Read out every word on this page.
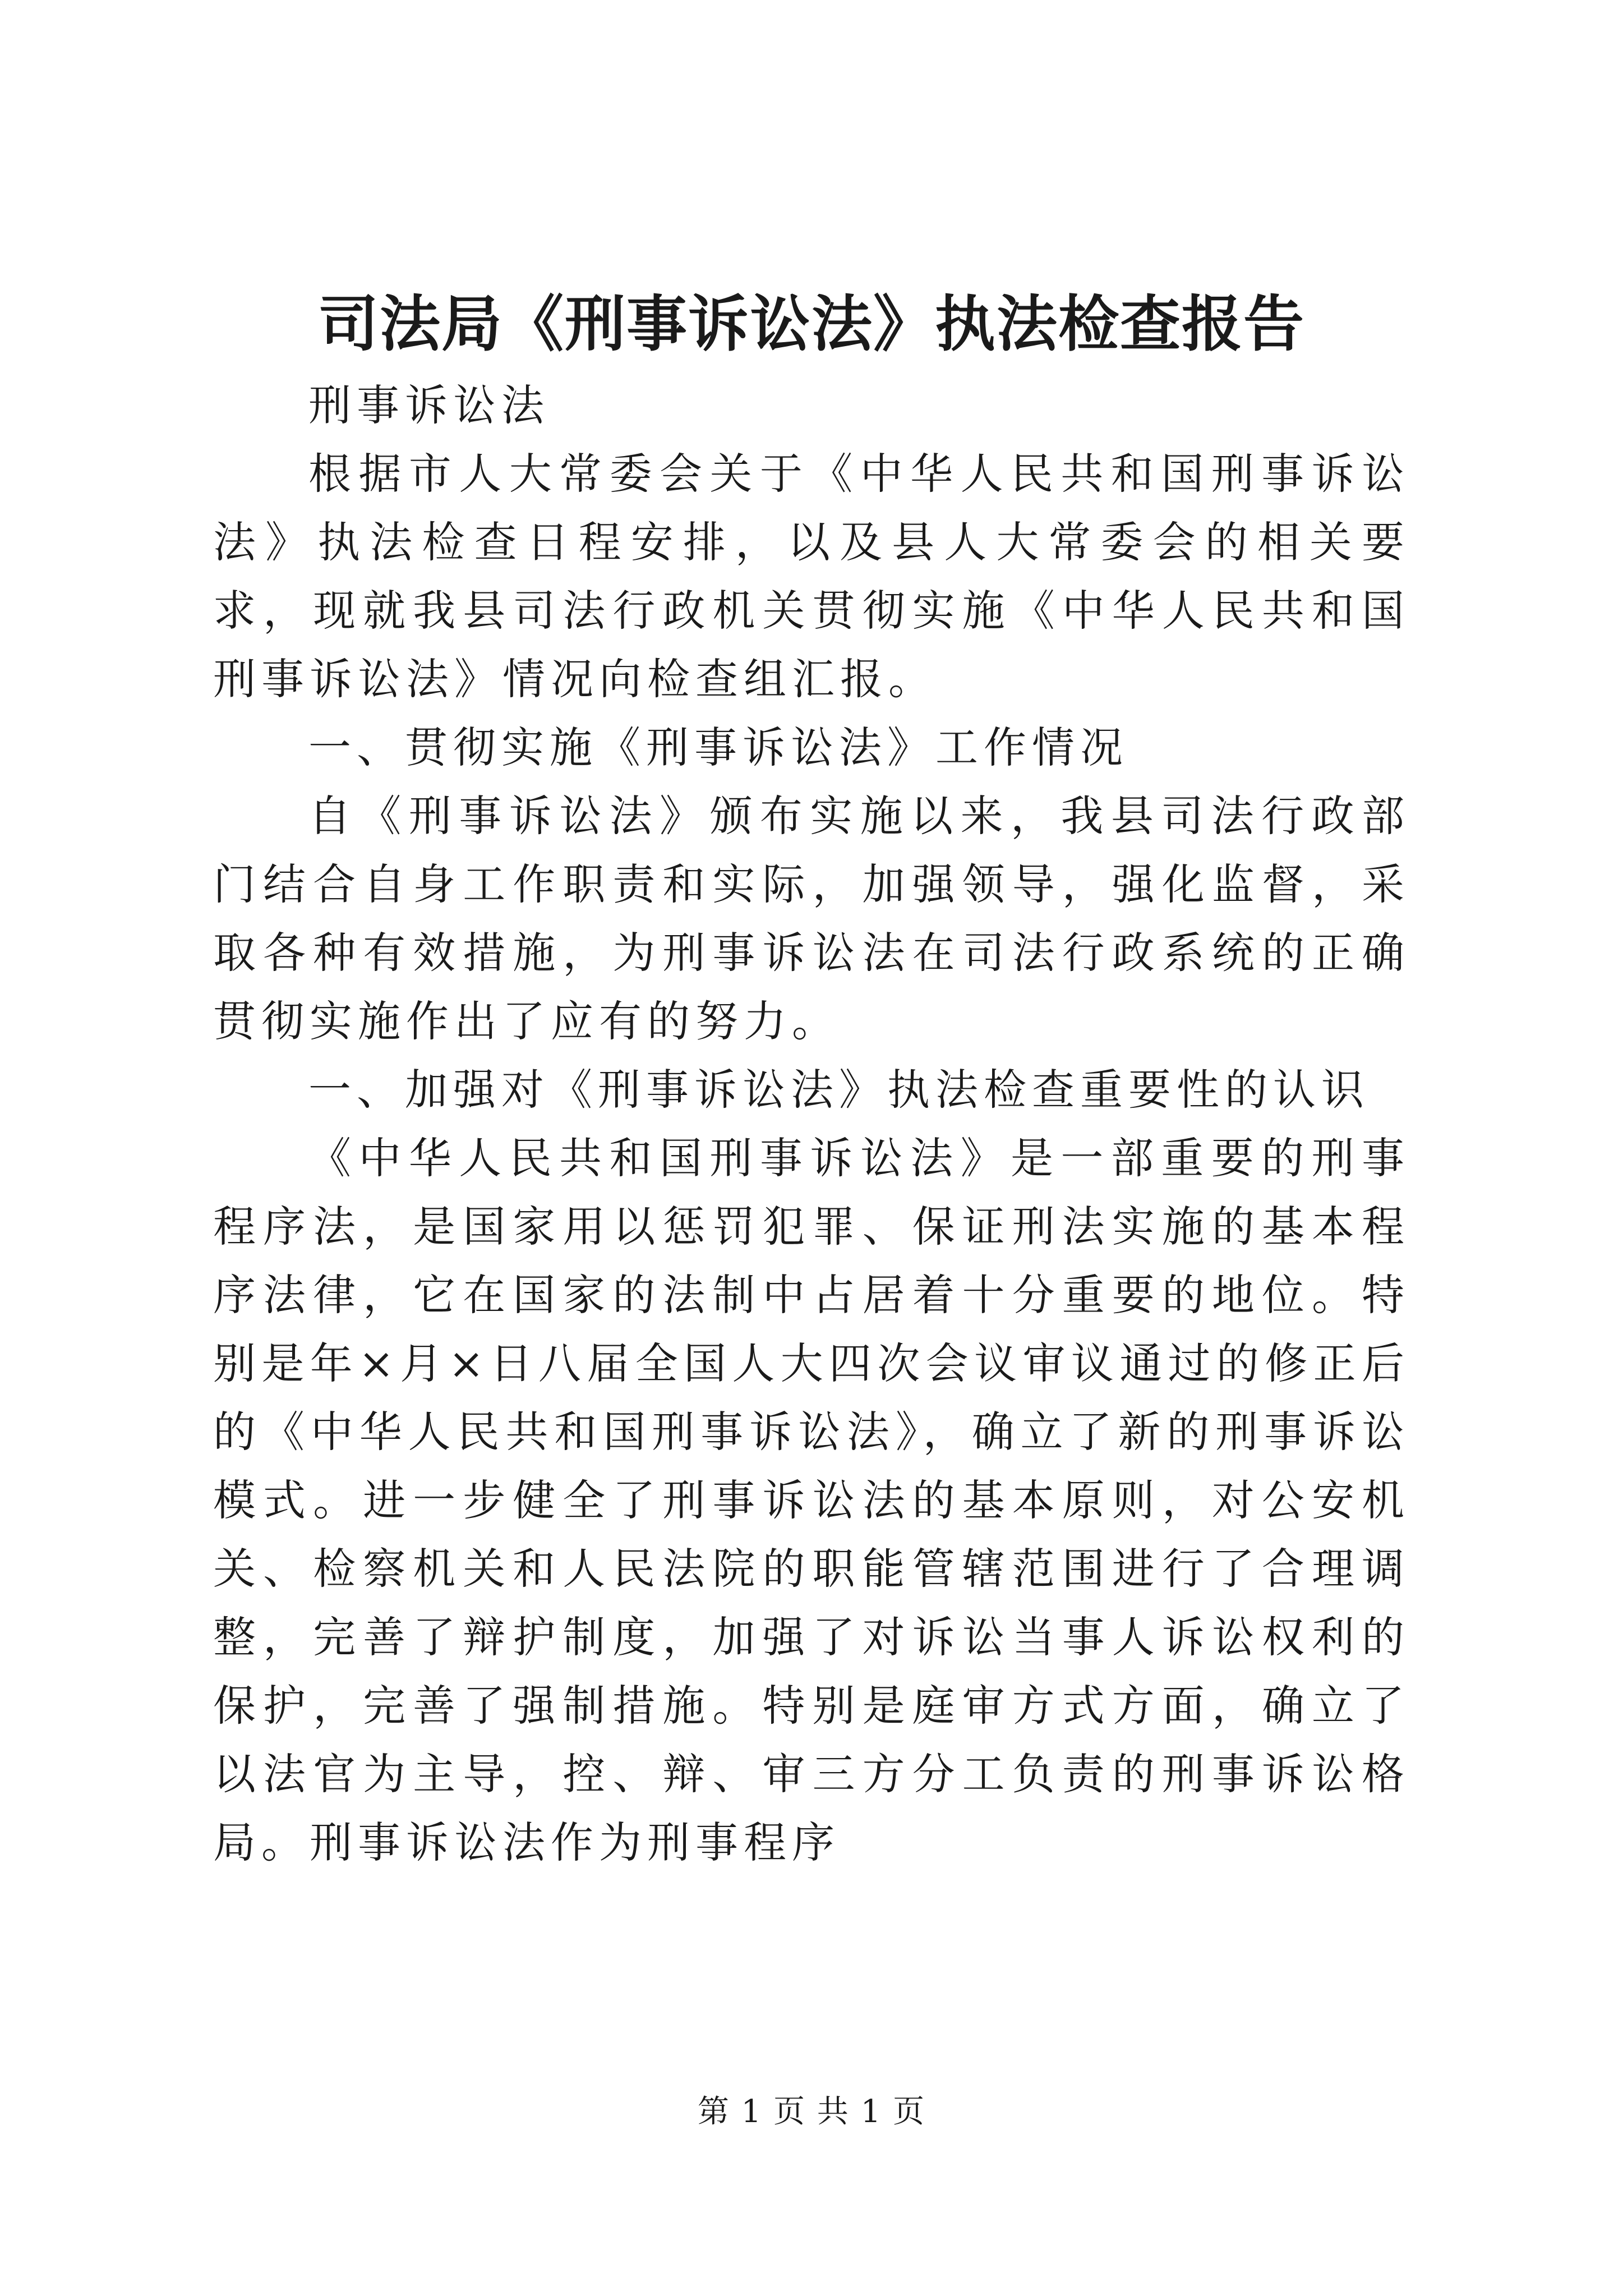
司法局《刑事诉讼法》执法检查报告

刑事诉讼法

根据市人大常委会关于《中华人民共和国刑事诉讼法》执法检查日程安排，以及县人大常委会的相关要求，现就我县司法行政机关贯彻实施《中华人民共和国刑事诉讼法》情况向检查组汇报。

一、贯彻实施《刑事诉讼法》工作情况

自《刑事诉讼法》颁布实施以来，我县司法行政部门结合自身工作职责和实际，加强领导，强化监督，采取各种有效措施，为刑事诉讼法在司法行政系统的正确贯彻实施作出了应有的努力。

一、加强对《刑事诉讼法》执法检查重要性的认识

《中华人民共和国刑事诉讼法》是一部重要的刑事程序法，是国家用以惩罚犯罪、保证刑法实施的基本程序法律，它在国家的法制中占居着十分重要的地位。特别是年×月×日八届全国人大四次会议审议通过的修正后的《中华人民共和国刑事诉讼法》，确立了新的刑事诉讼模式。进一步健全了刑事诉讼法的基本原则，对公安机关、检察机关和人民法院的职能管辖范围进行了合理调整，完善了辩护制度，加强了对诉讼当事人诉讼权利的保护，完善了强制措施。特别是庭审方式方面，确立了以法官为主导，控、辩、审三方分工负责的刑事诉讼格局。刑事诉讼法作为刑事程序

第 1 页 共 1 页
